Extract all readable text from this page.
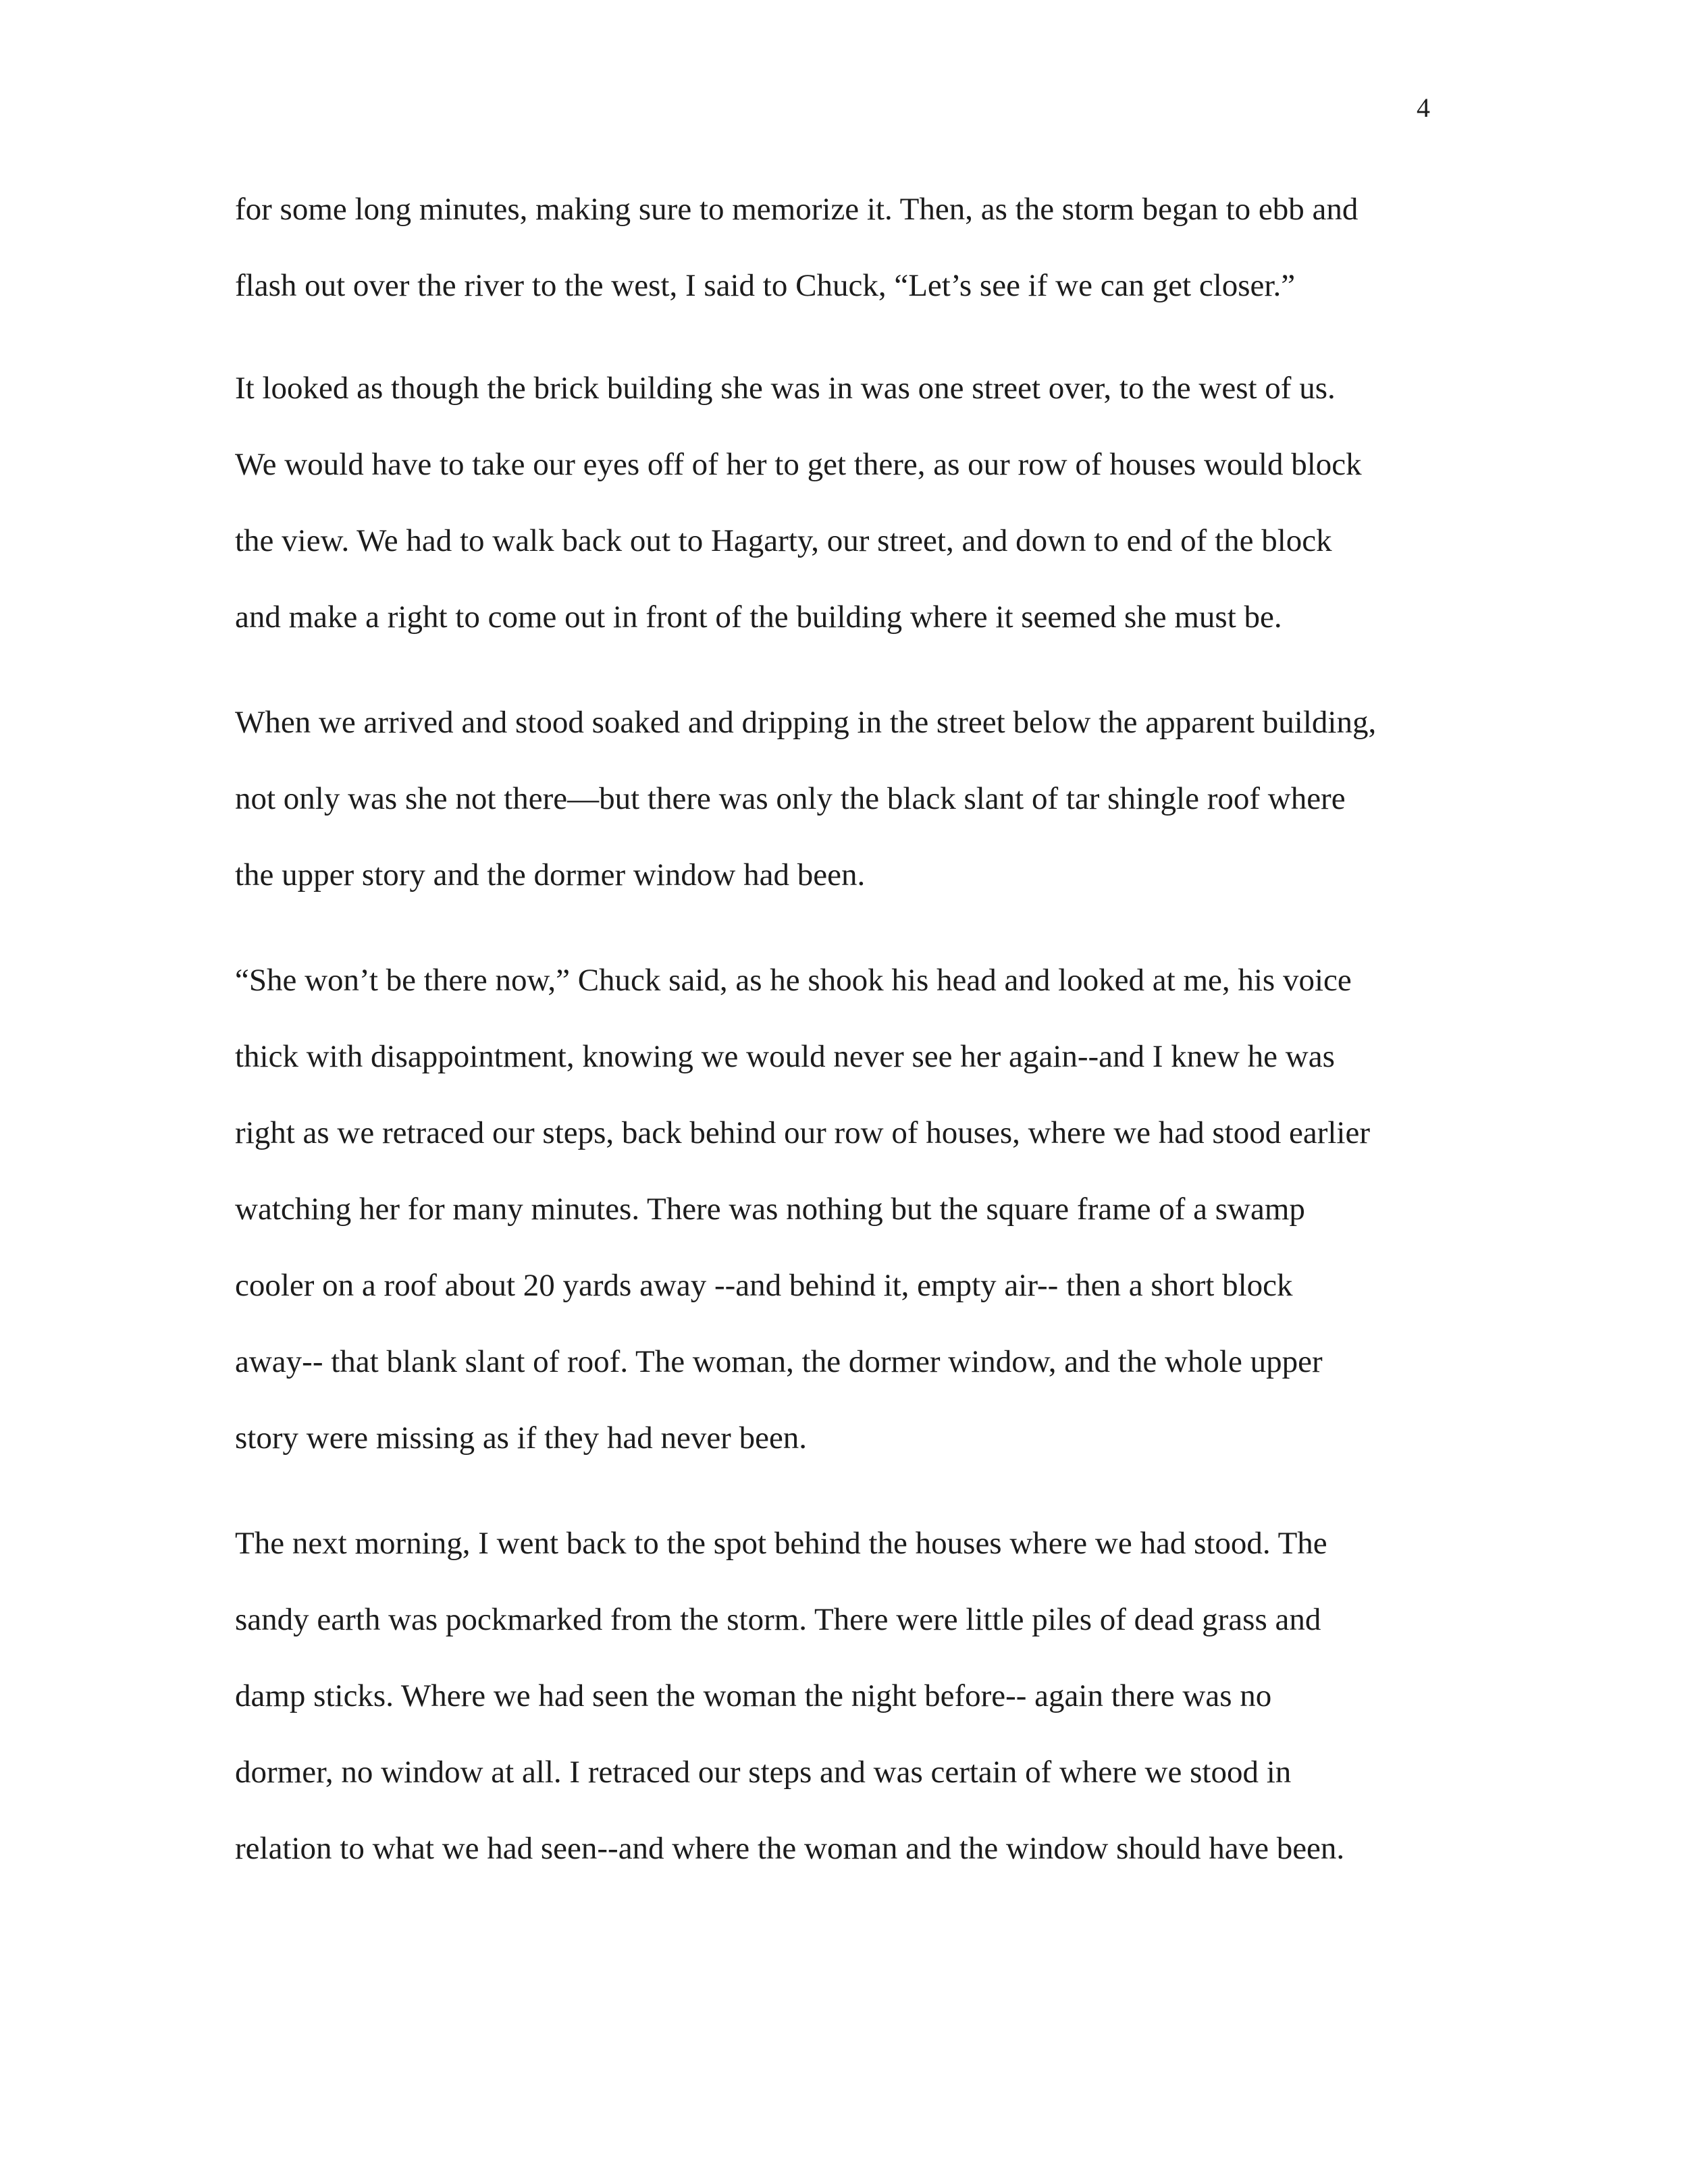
4
for some long minutes, making sure to memorize it. Then, as the storm began to ebb and
flash out over the river to the west, I said to Chuck, “Let’s see if we can get closer.”
It looked as though the brick building she was in was one street over, to the west of us.
We would have to take our eyes off of her to get there, as our row of houses would block
the view. We had to walk back out to Hagarty, our street, and down to end of the block
and make a right to come out in front of the building where it seemed she must be.
When we arrived and stood soaked and dripping in the street below the apparent building,
not only was she not there—but there was only the black slant of tar shingle roof where
the upper story and the dormer window had been.
“She won’t be there now,” Chuck said, as he shook his head and looked at me, his voice
thick with disappointment, knowing we would never see her again--and I knew he was
right as we retraced our steps, back behind our row of houses, where we had stood earlier
watching her for many minutes. There was nothing but the square frame of a swamp
cooler on a roof about 20 yards away --and behind it, empty air-- then a short block
away-- that blank slant of roof. The woman, the dormer window, and the whole upper
story were missing as if they had never been.
The next morning, I went back to the spot behind the houses where we had stood. The
sandy earth was pockmarked from the storm. There were little piles of dead grass and
damp sticks. Where we had seen the woman the night before-- again there was no
dormer, no window at all. I retraced our steps and was certain of where we stood in
relation to what we had seen--and where the woman and the window should have been.
